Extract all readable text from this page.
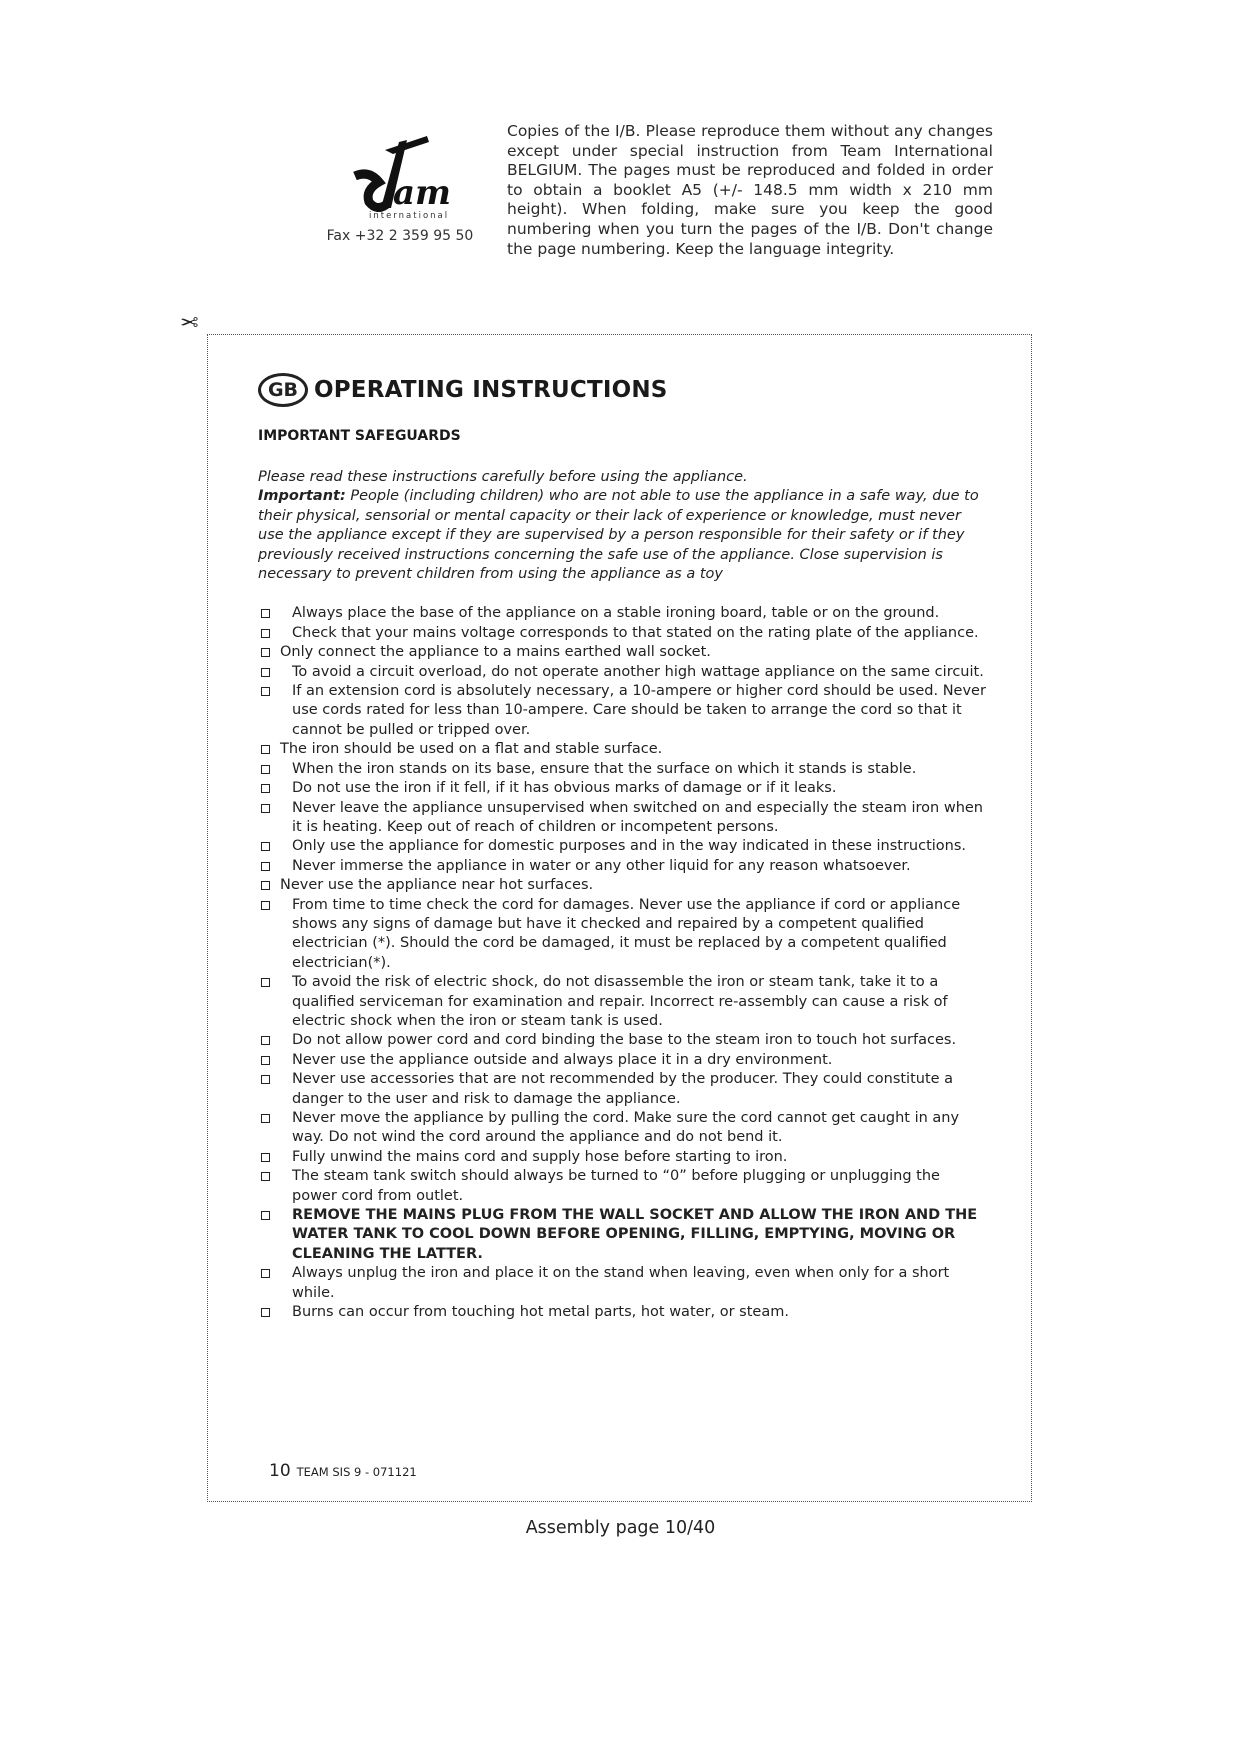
am
international
Fax +32 2 359 95 50
Copies of the I/B. Please reproduce them without any changes except under special instruction from Team International BELGIUM. The pages must be reproduced and folded in order to obtain a booklet A5 (+/- 148.5 mm width x 210 mm height). When folding, make sure you keep the good numbering when you turn the pages of the I/B. Don't change the page numbering. Keep the language integrity.
✂
GB OPERATING INSTRUCTIONS
IMPORTANT SAFEGUARDS
Please read these instructions carefully before using the appliance.
Important: People (including children) who are not able to use the appliance in a safe way, due to their physical, sensorial or mental capacity or their lack of experience or knowledge, must never use the appliance except if they are supervised by a person responsible for their safety or if they previously received instructions concerning the safe use of the appliance. Close supervision is necessary to prevent children from using the appliance as a toy
Always place the base of the appliance on a stable ironing board, table or on the ground.
Check that your mains voltage corresponds to that stated on the rating plate of the appliance.
Only connect the appliance to a mains earthed wall socket.
To avoid a circuit overload, do not operate another high wattage appliance on the same circuit.
If an extension cord is absolutely necessary, a 10-ampere or higher cord should be used. Never use cords rated for less than 10-ampere. Care should be taken to arrange the cord so that it cannot be pulled or tripped over.
The iron should be used on a flat and stable surface.
When the iron stands on its base, ensure that the surface on which it stands is stable.
Do not use the iron if it fell, if it has obvious marks of damage or if it leaks.
Never leave the appliance unsupervised when switched on and especially the steam iron when it is heating. Keep out of reach of children or incompetent persons.
Only use the appliance for domestic purposes and in the way indicated in these instructions.
Never immerse the appliance in water or any other liquid for any reason whatsoever.
Never use the appliance near hot surfaces.
From time to time check the cord for damages. Never use the appliance if cord or appliance shows any signs of damage but have it checked and repaired by a competent qualified electrician (*). Should the cord be damaged, it must be replaced by a competent qualified electrician(*).
To avoid the risk of electric shock, do not disassemble the iron or steam tank, take it to a qualified serviceman for examination and repair. Incorrect re-assembly can cause a risk of electric shock when the iron or steam tank is used.
Do not allow power cord and cord binding the base to the steam iron to touch hot surfaces.
Never use the appliance outside and always place it in a dry environment.
Never use accessories that are not recommended by the producer. They could constitute a danger to the user and risk to damage the appliance.
Never move the appliance by pulling the cord. Make sure the cord cannot get caught in any way. Do not wind the cord around the appliance and do not bend it.
Fully unwind the mains cord and supply hose before starting to iron.
The steam tank switch should always be turned to “0” before plugging or unplugging the power cord from outlet.
REMOVE THE MAINS PLUG FROM THE WALL SOCKET AND ALLOW THE IRON AND THE WATER TANK TO COOL DOWN BEFORE OPENING, FILLING, EMPTYING, MOVING OR CLEANING THE LATTER.
Always unplug the iron and place it on the stand when leaving, even when only for a short while.
Burns can occur from touching hot metal parts, hot water, or steam.
10 TEAM SIS 9 - 071121
Assembly page 10/40
